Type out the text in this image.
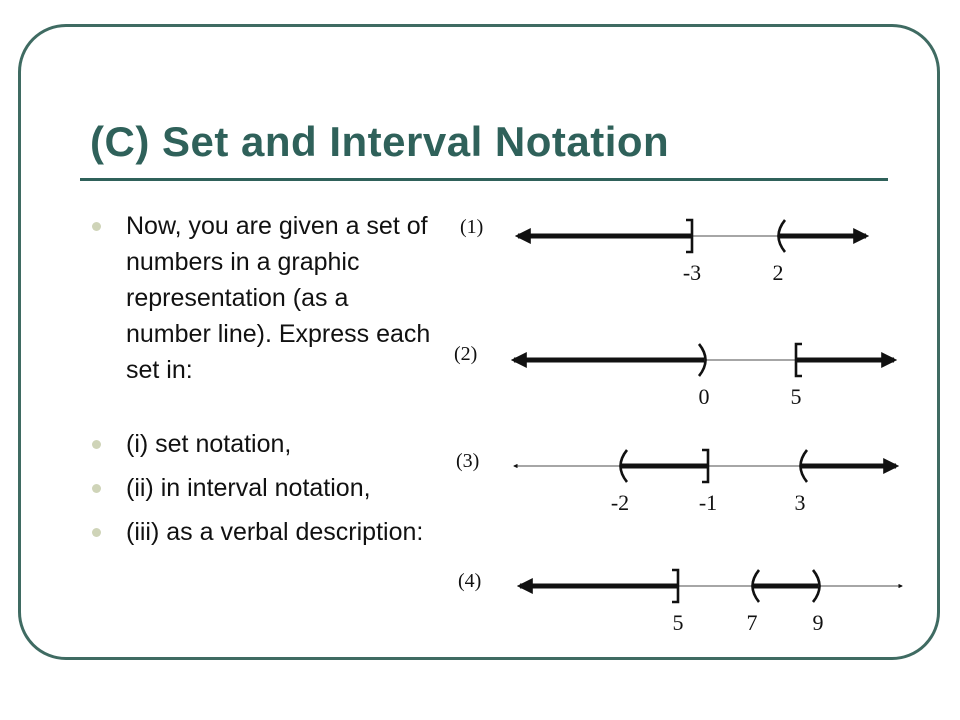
(C) Set and Interval Notation
Now, you are given a set of numbers in a graphic representation (as a number line). Express each set in:
(i) set notation,
(ii) in interval notation,
(iii) as a verbal description:
(1)
-3	2
(2)
0	5
(3)
-2	-1	3
(4)
5	7	9
